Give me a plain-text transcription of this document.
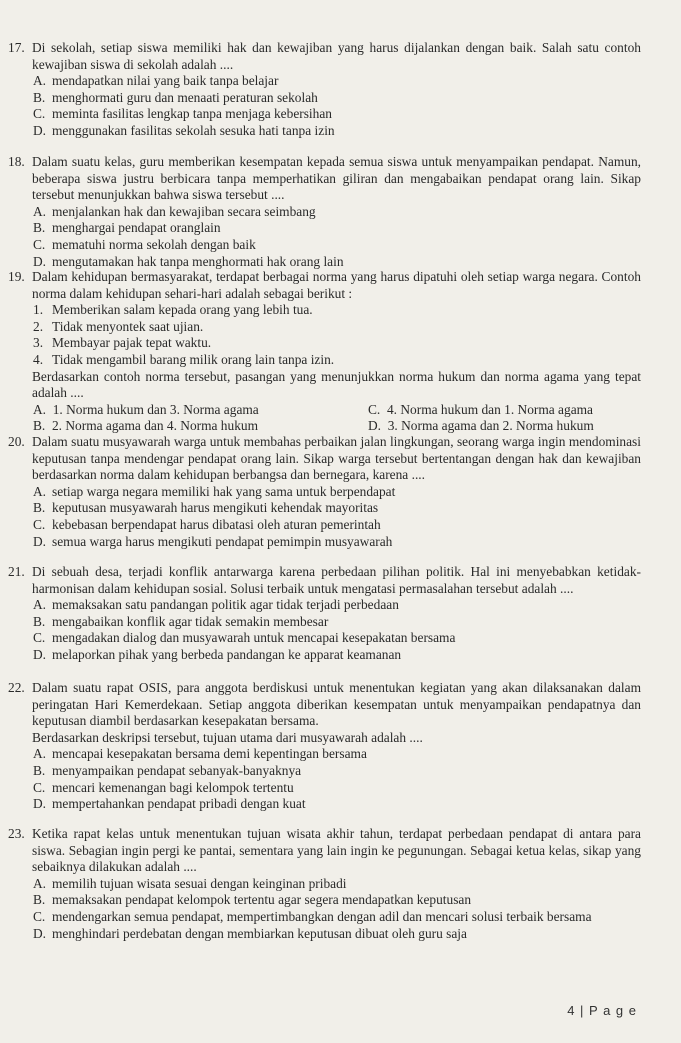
17. Di sekolah, setiap siswa memiliki hak dan kewajiban yang harus dijalankan dengan baik. Salah satu contoh kewajiban siswa di sekolah adalah ....
A. mendapatkan nilai yang baik tanpa belajar
B. menghormati guru dan menaati peraturan sekolah
C. meminta fasilitas lengkap tanpa menjaga kebersihan
D. menggunakan fasilitas sekolah sesuka hati tanpa izin
18. Dalam suatu kelas, guru memberikan kesempatan kepada semua siswa untuk menyampaikan pendapat. Namun, beberapa siswa justru berbicara tanpa memperhatikan giliran dan mengabaikan pendapat orang lain. Sikap tersebut menunjukkan bahwa siswa tersebut ....
A. menjalankan hak dan kewajiban secara seimbang
B. menghargai pendapat oranglain
C. mematuhi norma sekolah dengan baik
D. mengutamakan hak tanpa menghormati hak orang lain
19. Dalam kehidupan bermasyarakat, terdapat berbagai norma yang harus dipatuhi oleh setiap warga negara. Contoh norma dalam kehidupan sehari-hari adalah sebagai berikut :
1. Memberikan salam kepada orang yang lebih tua.
2. Tidak menyontek saat ujian.
3. Membayar pajak tepat waktu.
4. Tidak mengambil barang milik orang lain tanpa izin.
Berdasarkan contoh norma tersebut, pasangan yang menunjukkan norma hukum dan norma agama yang tepat adalah ....
A. 1. Norma hukum dan 3. Norma agama	C. 4. Norma hukum dan 1. Norma agama
B. 2. Norma agama dan 4. Norma hukum	D. 3. Norma agama dan 2. Norma hukum
20. Dalam suatu musyawarah warga untuk membahas perbaikan jalan lingkungan, seorang warga ingin mendominasi keputusan tanpa mendengar pendapat orang lain. Sikap warga tersebut bertentangan dengan hak dan kewajiban berdasarkan norma dalam kehidupan berbangsa dan bernegara, karena ....
A. setiap warga negara memiliki hak yang sama untuk berpendapat
B. keputusan musyawarah harus mengikuti kehendak mayoritas
C. kebebasan berpendapat harus dibatasi oleh aturan pemerintah
D. semua warga harus mengikuti pendapat pemimpin musyawarah
21. Di sebuah desa, terjadi konflik antarwarga karena perbedaan pilihan politik. Hal ini menyebabkan ketidak-harmonisan dalam kehidupan sosial. Solusi terbaik untuk mengatasi permasalahan tersebut adalah ....
A. memaksakan satu pandangan politik agar tidak terjadi perbedaan
B. mengabaikan konflik agar tidak semakin membesar
C. mengadakan dialog dan musyawarah untuk mencapai kesepakatan bersama
D. melaporkan pihak yang berbeda pandangan ke apparat keamanan
22. Dalam suatu rapat OSIS, para anggota berdiskusi untuk menentukan kegiatan yang akan dilaksanakan dalam peringatan Hari Kemerdekaan. Setiap anggota diberikan kesempatan untuk menyampaikan pendapatnya dan keputusan diambil berdasarkan kesepakatan bersama.
Berdasarkan deskripsi tersebut, tujuan utama dari musyawarah adalah ....
A. mencapai kesepakatan bersama demi kepentingan bersama
B. menyampaikan pendapat sebanyak-banyaknya
C. mencari kemenangan bagi kelompok tertentu
D. mempertahankan pendapat pribadi dengan kuat
23. Ketika rapat kelas untuk menentukan tujuan wisata akhir tahun, terdapat perbedaan pendapat di antara para siswa. Sebagian ingin pergi ke pantai, sementara yang lain ingin ke pegunungan. Sebagai ketua kelas, sikap yang sebaiknya dilakukan adalah ....
A. memilih tujuan wisata sesuai dengan keinginan pribadi
B. memaksakan pendapat kelompok tertentu agar segera mendapatkan keputusan
C. mendengarkan semua pendapat, mempertimbangkan dengan adil dan mencari solusi terbaik bersama
D. menghindari perdebatan dengan membiarkan keputusan dibuat oleh guru saja
4 | P a g e
